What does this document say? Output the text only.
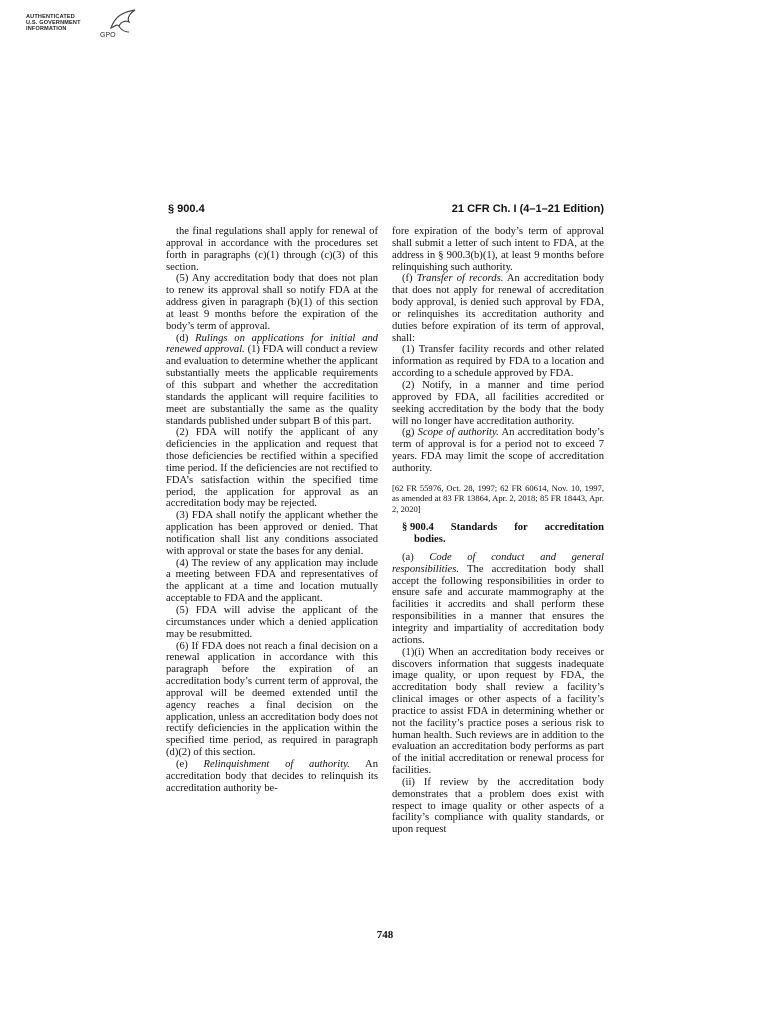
AUTHENTICATED
U.S. GOVERNMENT
INFORMATION
GPO
§ 900.4	21 CFR Ch. I (4–1–21 Edition)

the final regulations shall apply for renewal of approval in accordance with the procedures set forth in paragraphs (c)(1) through (c)(3) of this section.

(5) Any accreditation body that does not plan to renew its approval shall so notify FDA at the address given in paragraph (b)(1) of this section at least 9 months before the expiration of the body’s term of approval.

(d) Rulings on applications for initial and renewed approval. (1) FDA will conduct a review and evaluation to determine whether the applicant substantially meets the applicable requirements of this subpart and whether the accreditation standards the applicant will require facilities to meet are substantially the same as the quality standards published under subpart B of this part.

(2) FDA will notify the applicant of any deficiencies in the application and request that those deficiencies be rectified within a specified time period. If the deficiencies are not rectified to FDA’s satisfaction within the specified time period, the application for approval as an accreditation body may be rejected.

(3) FDA shall notify the applicant whether the application has been approved or denied. That notification shall list any conditions associated with approval or state the bases for any denial.

(4) The review of any application may include a meeting between FDA and representatives of the applicant at a time and location mutually acceptable to FDA and the applicant.

(5) FDA will advise the applicant of the circumstances under which a denied application may be resubmitted.

(6) If FDA does not reach a final decision on a renewal application in accordance with this paragraph before the expiration of an accreditation body’s current term of approval, the approval will be deemed extended until the agency reaches a final decision on the application, unless an accreditation body does not rectify deficiencies in the application within the specified time period, as required in paragraph (d)(2) of this section.

(e) Relinquishment of authority. An accreditation body that decides to relinquish its accreditation authority be-

fore expiration of the body’s term of approval shall submit a letter of such intent to FDA, at the address in § 900.3(b)(1), at least 9 months before relinquishing such authority.

(f) Transfer of records. An accreditation body that does not apply for renewal of accreditation body approval, is denied such approval by FDA, or relinquishes its accreditation authority and duties before expiration of its term of approval, shall:

(1) Transfer facility records and other related information as required by FDA to a location and according to a schedule approved by FDA.

(2) Notify, in a manner and time period approved by FDA, all facilities accredited or seeking accreditation by the body that the body will no longer have accreditation authority.

(g) Scope of authority. An accreditation body’s term of approval is for a period not to exceed 7 years. FDA may limit the scope of accreditation authority.

[62 FR 55976, Oct. 28, 1997; 62 FR 60614, Nov. 10, 1997, as amended at 83 FR 13864, Apr. 2, 2018; 85 FR 18443, Apr. 2, 2020]

§ 900.4 Standards for accreditation
bodies.

(a) Code of conduct and general responsibilities. The accreditation body shall accept the following responsibilities in order to ensure safe and accurate mammography at the facilities it accredits and shall perform these responsibilities in a manner that ensures the integrity and impartiality of accreditation body actions.

(1)(i) When an accreditation body receives or discovers information that suggests inadequate image quality, or upon request by FDA, the accreditation body shall review a facility’s clinical images or other aspects of a facility’s practice to assist FDA in determining whether or not the facility’s practice poses a serious risk to human health. Such reviews are in addition to the evaluation an accreditation body performs as part of the initial accreditation or renewal process for facilities.

(ii) If review by the accreditation body demonstrates that a problem does exist with respect to image quality or other aspects of a facility’s compliance with quality standards, or upon request

748
